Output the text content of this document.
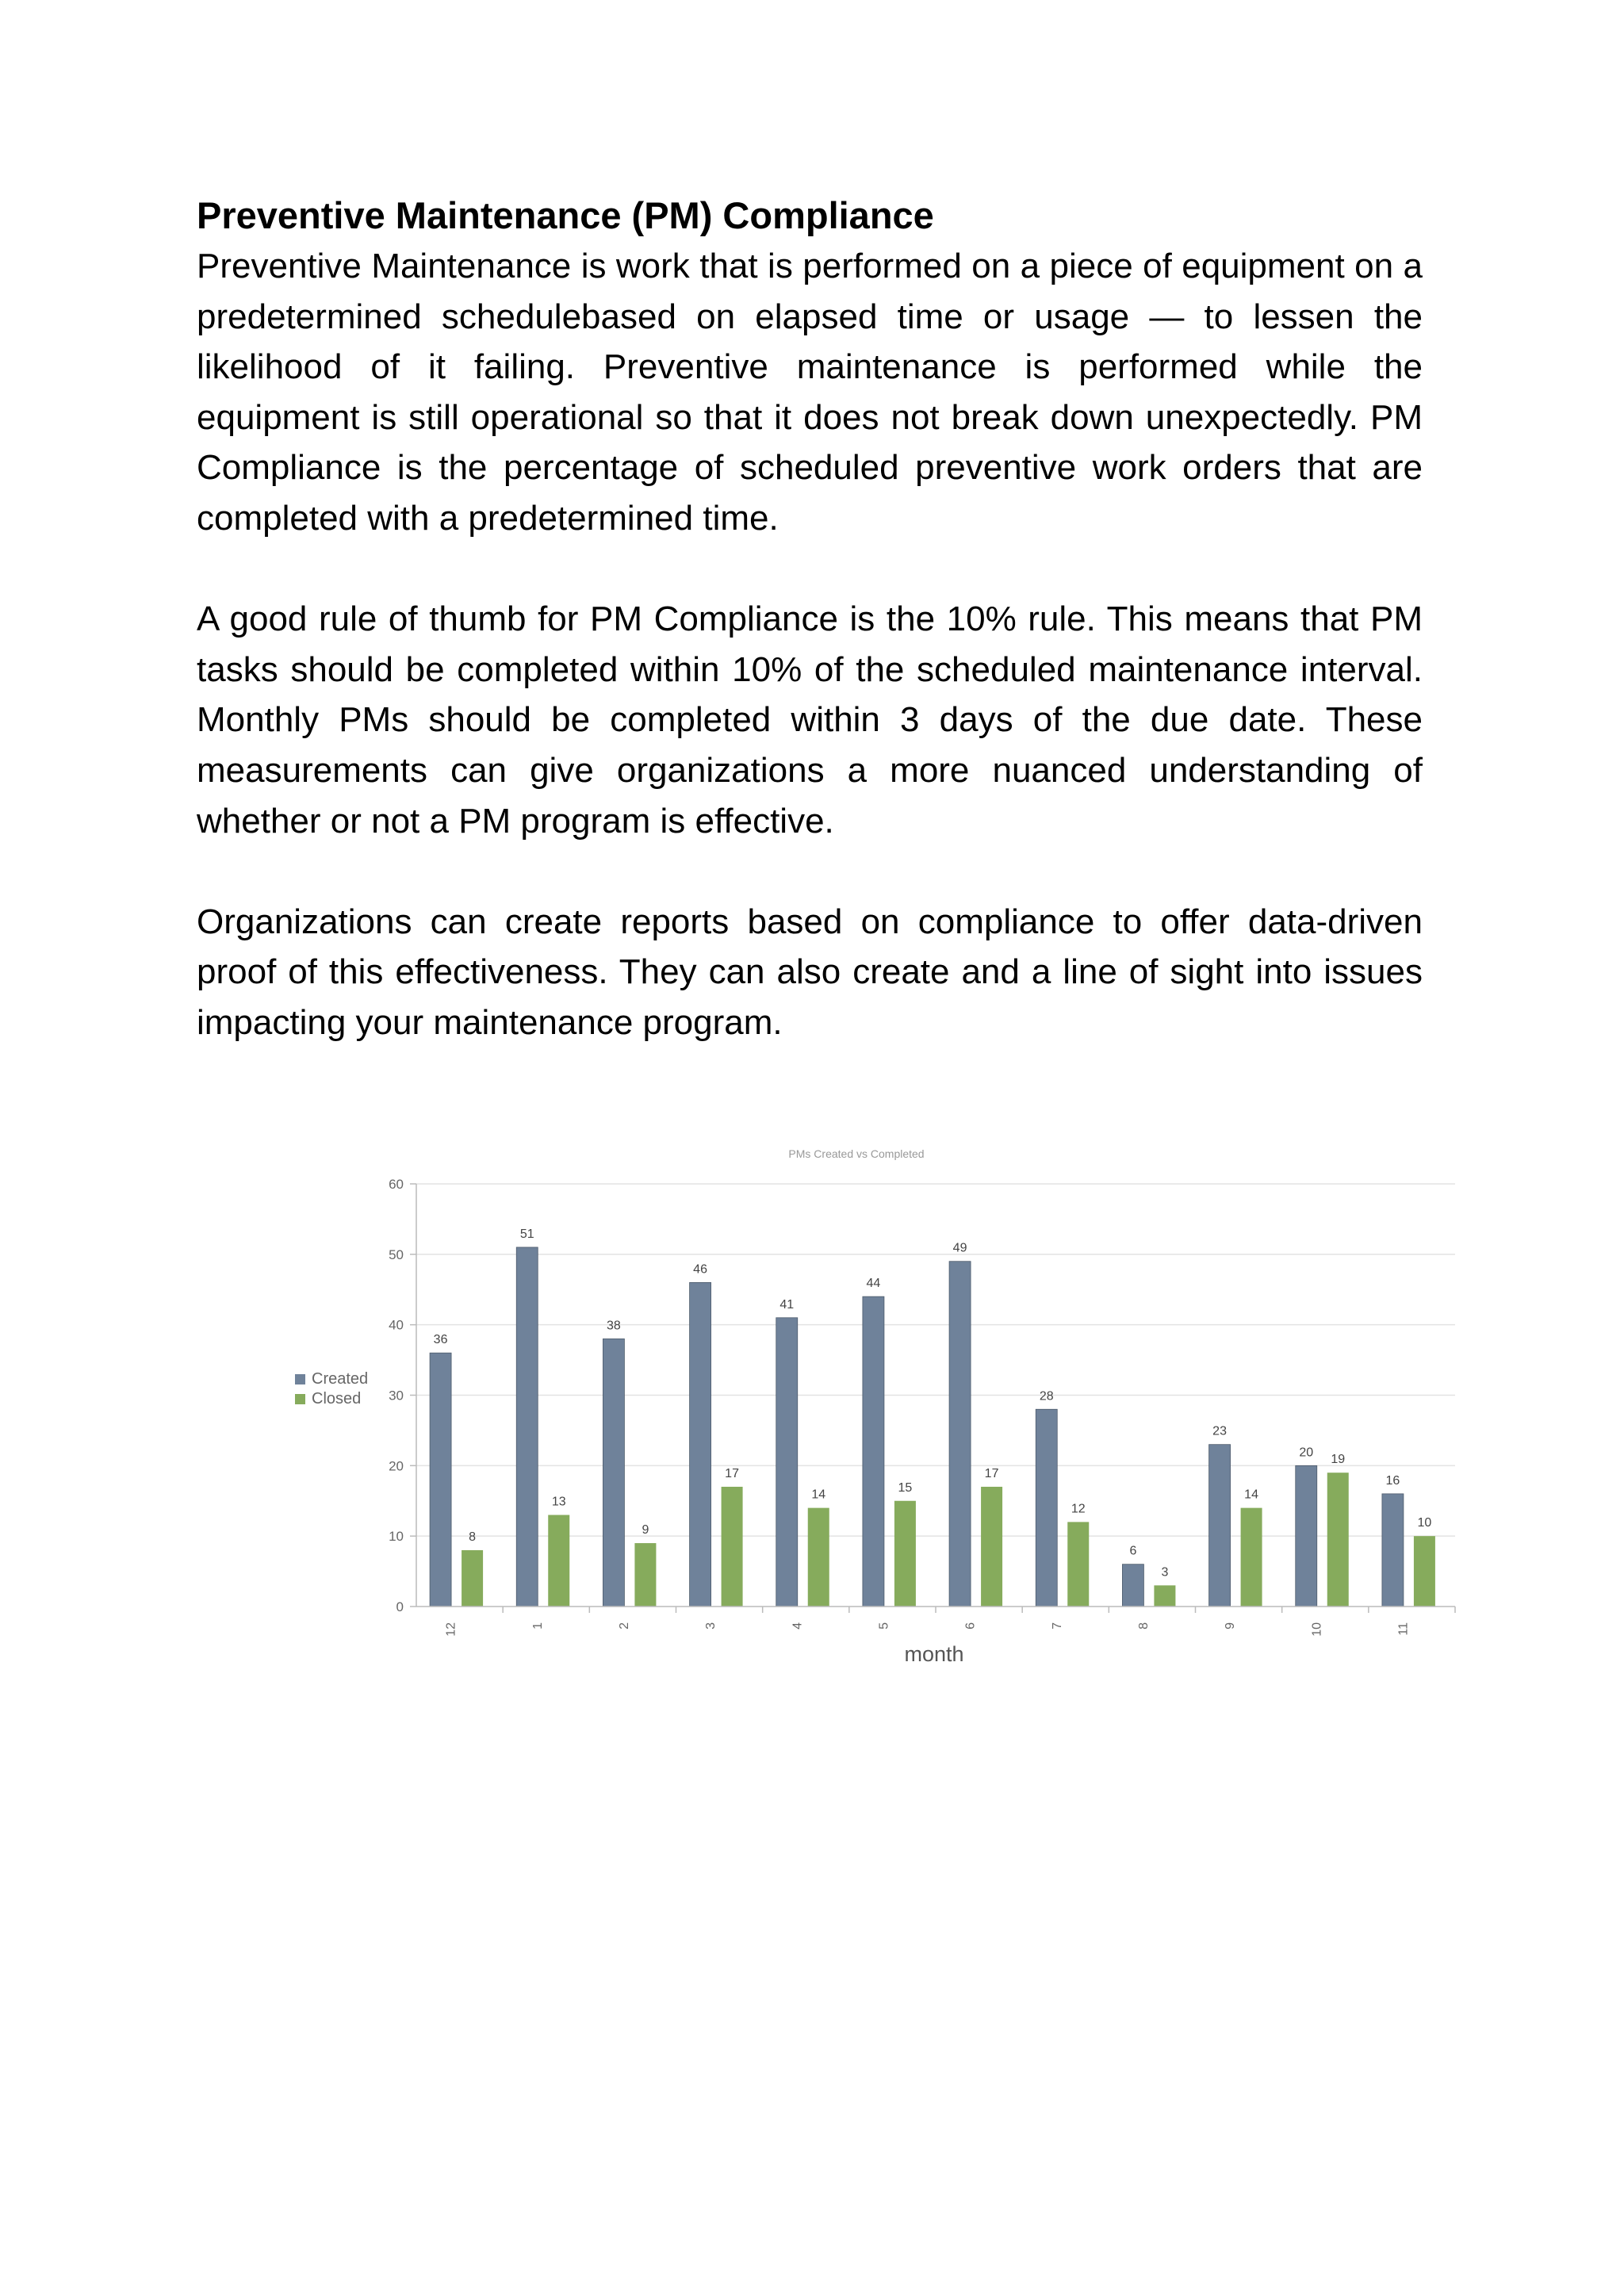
Preventive Maintenance (PM) Compliance

Preventive Maintenance is work that is performed on a piece of equipment on a predetermined schedulebased on elapsed time or usage — to lessen the likelihood of it failing. Preventive maintenance is performed while the equipment is still operational so that it does not break down unexpectedly. PM Compliance is the percentage of scheduled preventive work orders that are completed with a predetermined time.

A good rule of thumb for PM Compliance is the 10% rule. This means that PM tasks should be completed within 10% of the scheduled maintenance interval. Monthly PMs should be completed within 3 days of the due date. These measurements can give organizations a more nuanced understanding of whether or not a PM program is effective.

Organizations can create reports based on compliance to offer data-driven proof of this effectiveness. They can also create and a line of sight into issues impacting your maintenance program.

PMs Created vs Completed
36
8
51
13
38
9
46
17
41
14
44
15
49
17
28
12
6
3
23
14
20
19
16
10
0
10
20
30
40
50
60
12	1	2	3	4	5	6	7	8	9	10	11
Created
Closed
month
